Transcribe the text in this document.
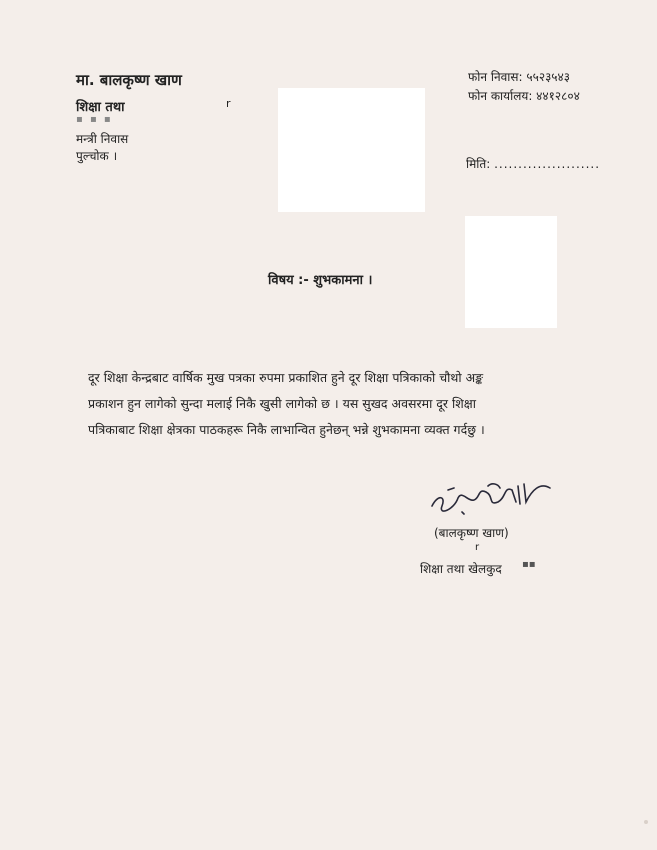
मा. बालकृष्ण खाण
शिक्षा तथा
▪ ▪ ▪
r
मन्त्री निवास
पुल्चोक ।
फोन निवास: ५५२३५४३
फोन कार्यालय: ४४१२८०४
मिति: ......................
विषय :- शुभकामना ।
दूर शिक्षा केन्द्रबाट वार्षिक मुख पत्रका रुपमा प्रकाशित हुने दूर शिक्षा पत्रिकाको चौथो अङ्क
प्रकाशन हुन लागेको सुन्दा मलाई निकै खुसी लागेको छ । यस सुखद अवसरमा दूर शिक्षा
पत्रिकाबाट शिक्षा क्षेत्रका पाठकहरू निकै लाभान्वित हुनेछन् भन्ने शुभकामना व्यक्त गर्दछु ।
(बालकृष्ण खाण)
r
शिक्षा तथा खेलकुद ▪▪
